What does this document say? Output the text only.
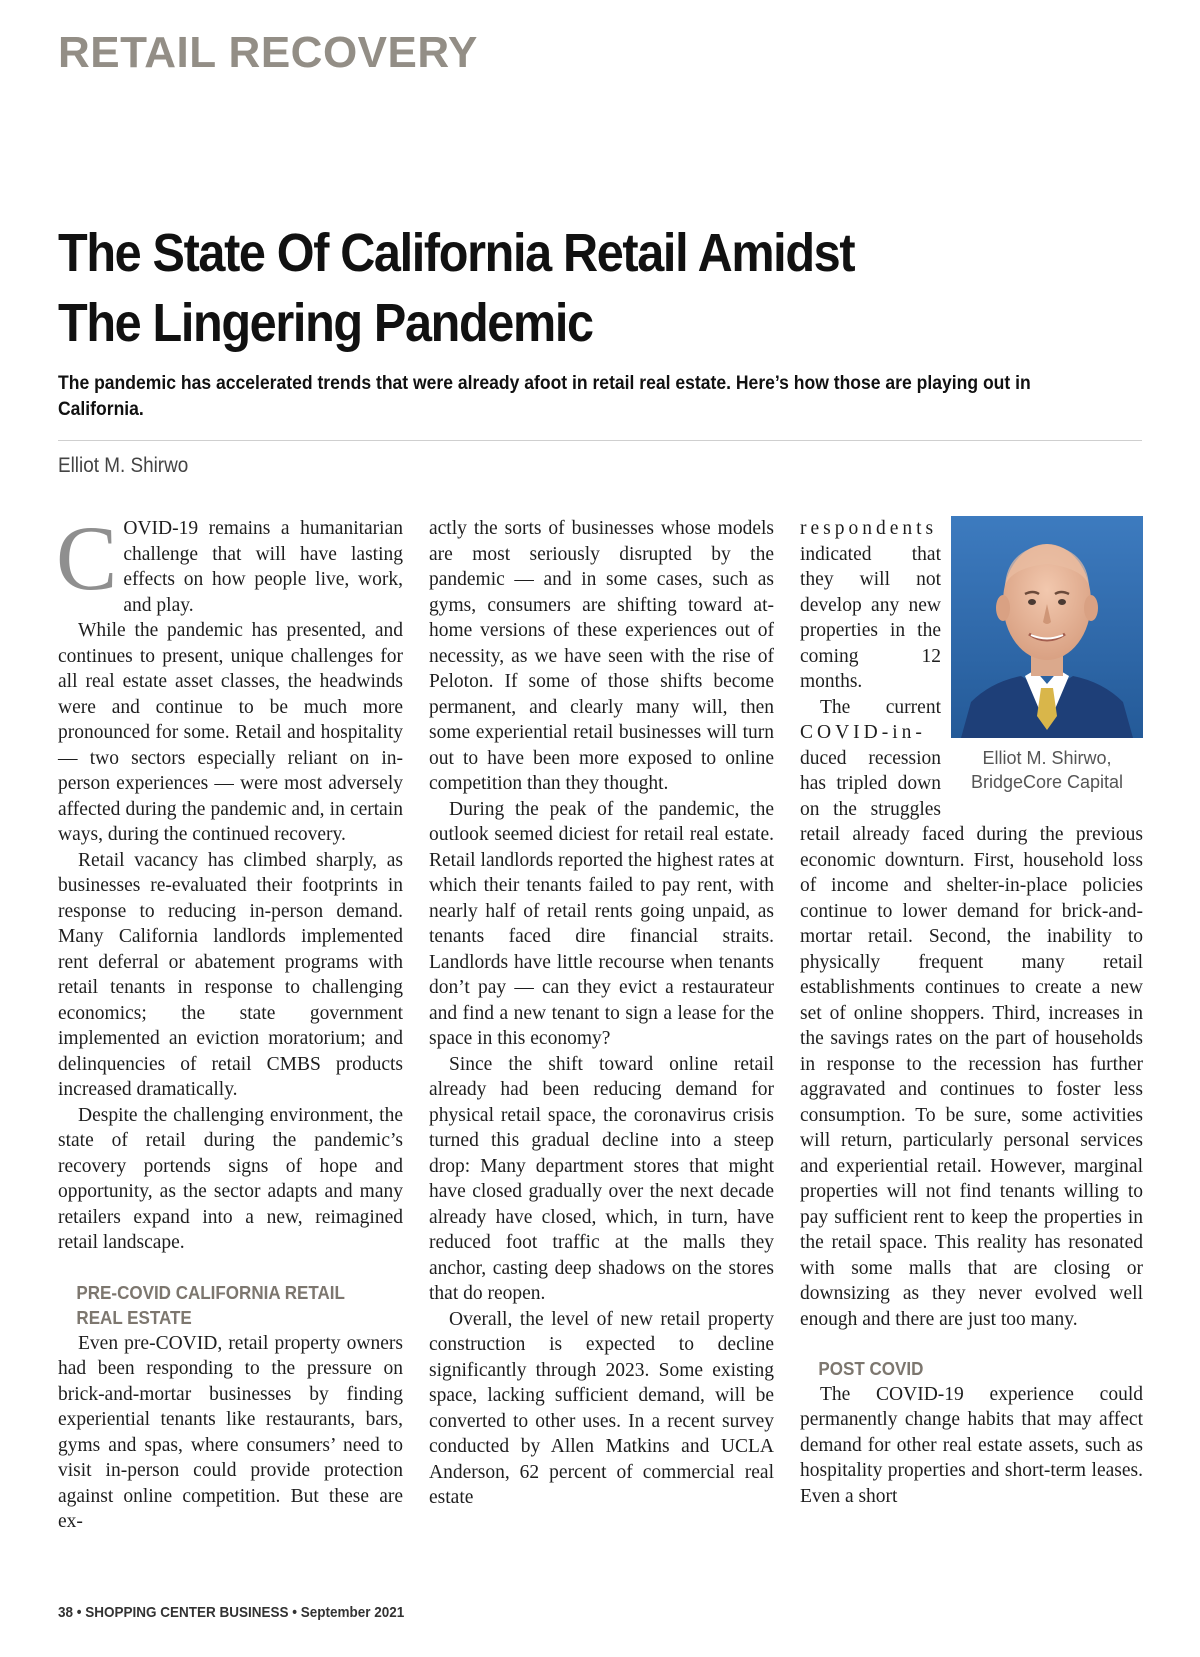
RETAIL RECOVERY
The State Of California Retail Amidst
The Lingering Pandemic

The pandemic has accelerated trends that were already afoot in retail real estate. Here’s how those are playing out in California.

Elliot M. Shirwo

COVID-19 remains a humanitarian challenge that will have lasting effects on how people live, work, and play.

While the pandemic has presented, and continues to present, unique challenges for all real estate asset classes, the headwinds were and continue to be much more pronounced for some. Retail and hospitality — two sectors especially reliant on in-person experiences — were most adversely affected during the pandemic and, in certain ways, during the continued recovery.

Retail vacancy has climbed sharply, as businesses re-evaluated their footprints in response to reducing in-person demand. Many California landlords implemented rent deferral or abatement programs with retail tenants in response to challenging economics; the state government implemented an eviction moratorium; and delinquencies of retail CMBS products increased dramatically.

Despite the challenging environment, the state of retail during the pandemic’s recovery portends signs of hope and opportunity, as the sector adapts and many retailers expand into a new, reimagined retail landscape.

PRE-COVID CALIFORNIA RETAIL

REAL ESTATE

Even pre-COVID, retail property owners had been responding to the pressure on brick-and-mortar businesses by finding experiential tenants like restaurants, bars, gyms and spas, where consumers’ need to visit in-person could provide protection against online competition. But these are ex-

actly the sorts of businesses whose models are most seriously disrupted by the pandemic — and in some cases, such as gyms, consumers are shifting toward at-home versions of these experiences out of necessity, as we have seen with the rise of Peloton. If some of those shifts become permanent, and clearly many will, then some experiential retail businesses will turn out to have been more exposed to online competition than they thought.

During the peak of the pandemic, the outlook seemed diciest for retail real estate. Retail landlords reported the highest rates at which their tenants failed to pay rent, with nearly half of retail rents going unpaid, as tenants faced dire financial straits. Landlords have little recourse when tenants don’t pay — can they evict a restaurateur and find a new tenant to sign a lease for the space in this economy?

Since the shift toward online retail already had been reducing demand for physical retail space, the coronavirus crisis turned this gradual decline into a steep drop: Many department stores that might have closed gradually over the next decade already have closed, which, in turn, have reduced foot traffic at the malls they anchor, casting deep shadows on the stores that do reopen.

Overall, the level of new retail property construction is expected to decline significantly through 2023. Some existing space, lacking sufficient demand, will be converted to other uses. In a recent survey conducted by Allen Matkins and UCLA Anderson, 62 percent of commercial real estate

Elliot M. Shirwo,
BridgeCore Capital

respondents indicated that they will not develop any new properties in the coming 12 months.

The current COVID-in-duced recession has tripled down on the struggles retail already faced during the previous economic downturn. First, household loss of income and shelter-in-place policies continue to lower demand for brick-and-mortar retail. Second, the inability to physically frequent many retail establishments continues to create a new set of online shoppers. Third, increases in the savings rates on the part of households in response to the recession has further aggravated and continues to foster less consumption. To be sure, some activities will return, particularly personal services and experiential retail. However, marginal properties will not find tenants willing to pay sufficient rent to keep the properties in the retail space. This reality has resonated with some malls that are closing or downsizing as they never evolved well enough and there are just too many.

POST COVID

The COVID-19 experience could permanently change habits that may affect demand for other real estate assets, such as hospitality properties and short-term leases. Even a short

38 • SHOPPING CENTER BUSINESS • September 2021
